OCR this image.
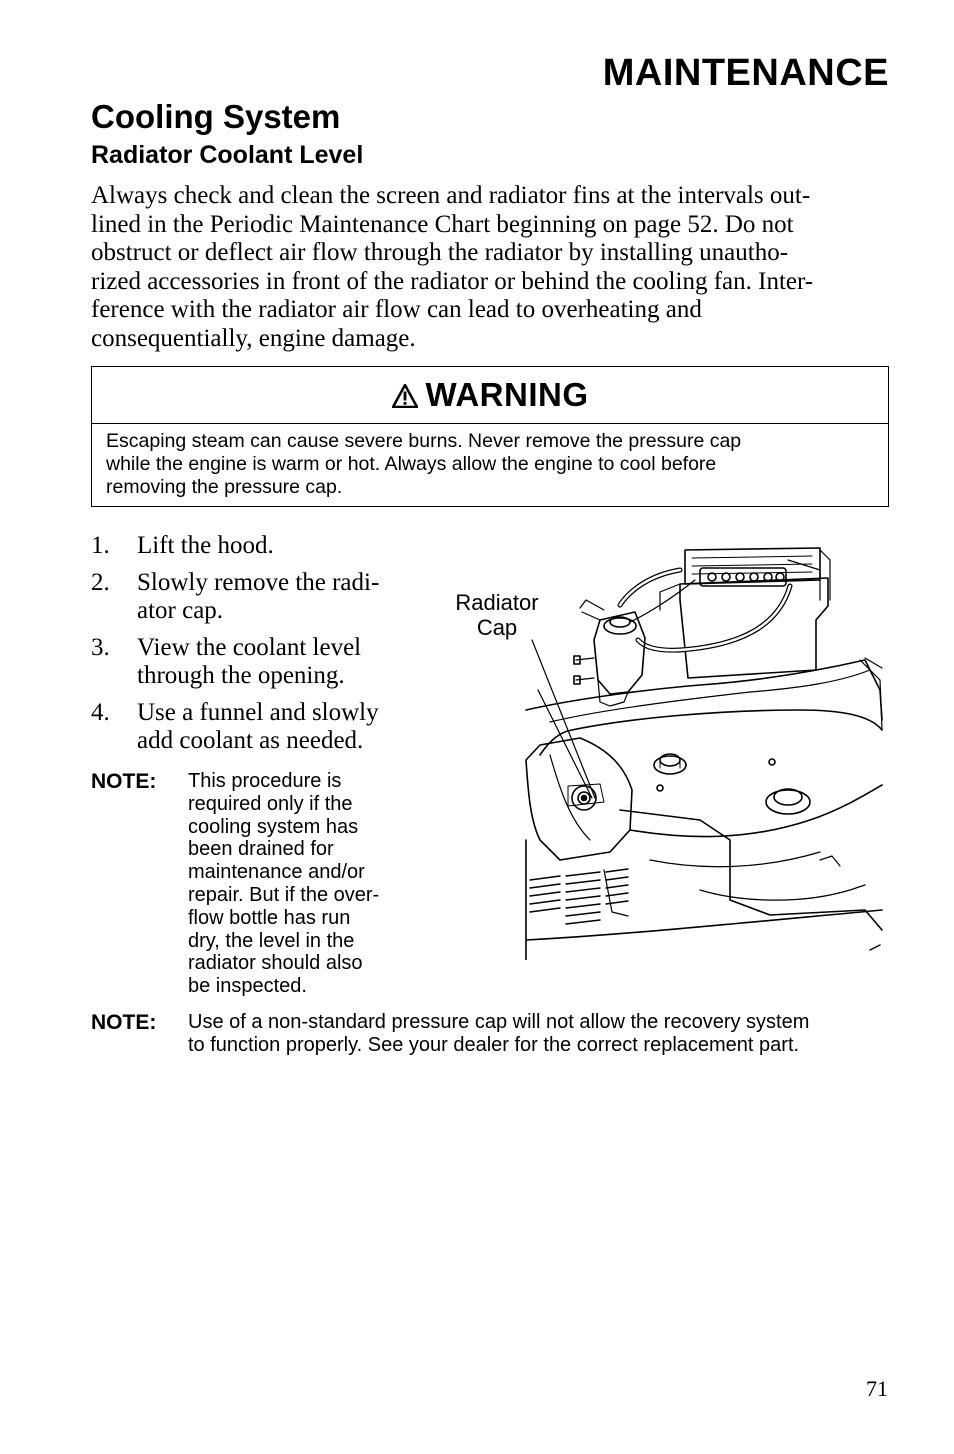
MAINTENANCE
Cooling System
Radiator Coolant Level

Always check and clean the screen and radiator fins at the intervals out-
lined in the Periodic Maintenance Chart beginning on page 52. Do not
obstruct or deflect air flow through the radiator by installing unautho-
rized accessories in front of the radiator or behind the cooling fan. Inter-
ference with the radiator air flow can lead to overheating and
consequentially, engine damage.

WARNING
Escaping steam can cause severe burns. Never remove the pressure cap
while the engine is warm or hot. Always allow the engine to cool before
removing the pressure cap.
1. Lift the hood.
2. Slowly remove the radi-
ator cap.
3. View the coolant level
through the opening.
4. Use a funnel and slowly
add coolant as needed.
NOTE: This procedure is
required only if the
cooling system has
been drained for
maintenance and/or
repair. But if the over-
flow bottle has run
dry, the level in the
radiator should also
be inspected.
Radiator
Cap
NOTE: Use of a non-standard pressure cap will not allow the recovery system
to function properly. See your dealer for the correct replacement part.
71
